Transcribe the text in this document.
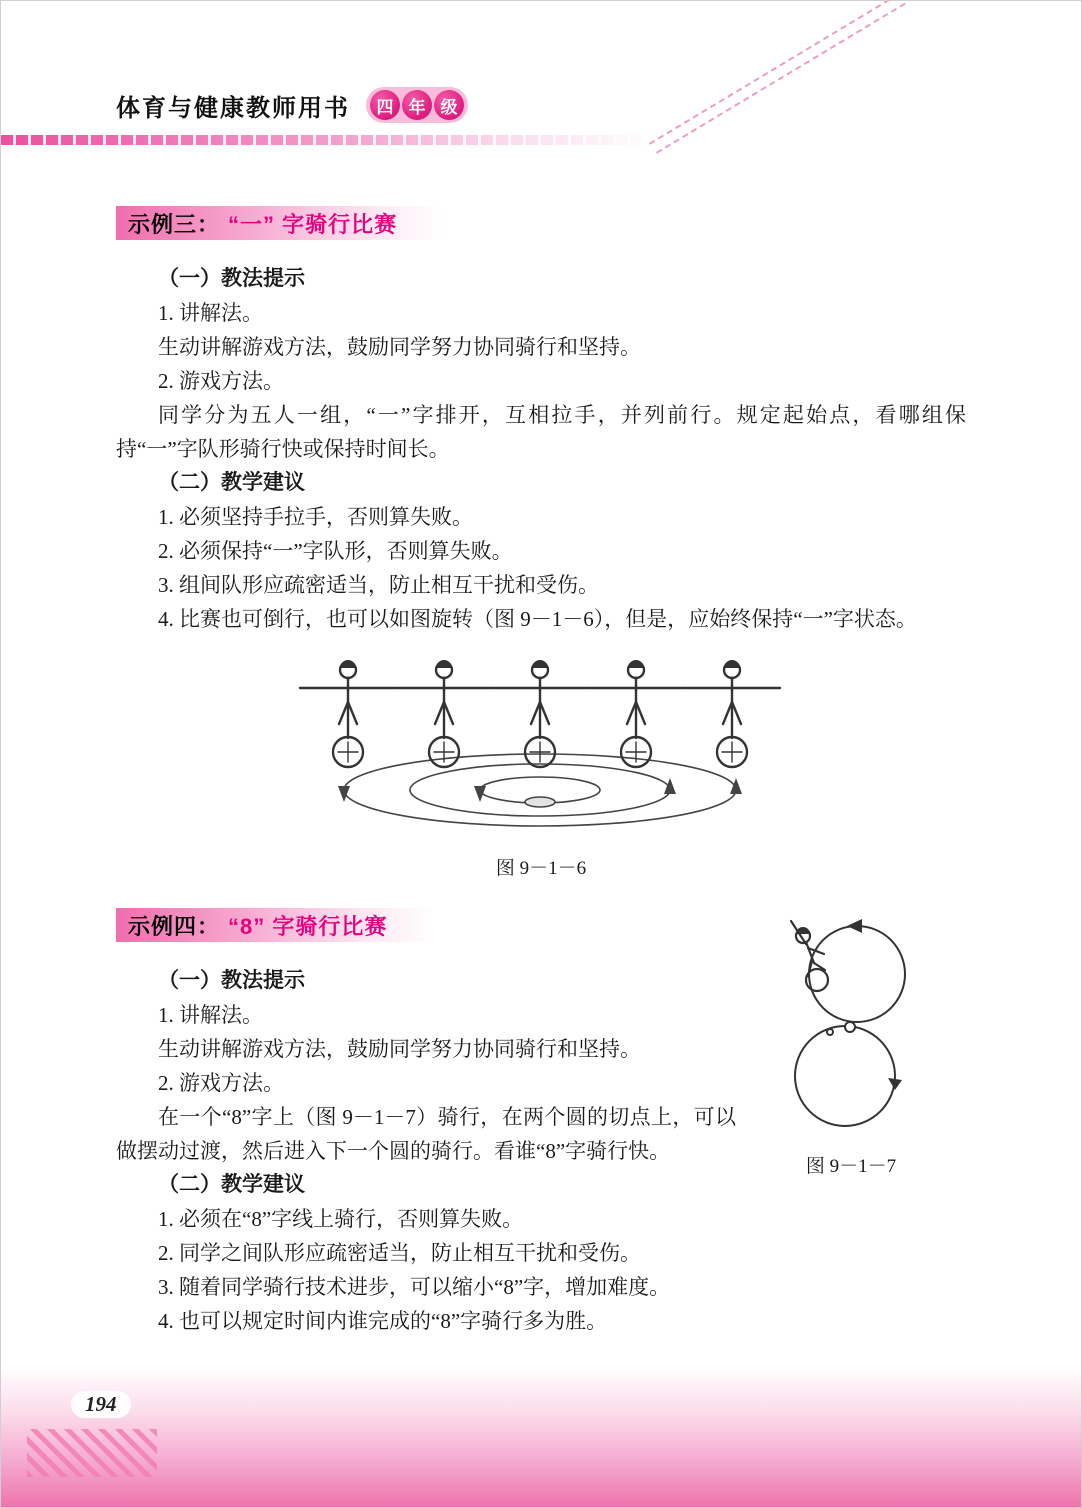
体育与健康教师用书	四 年 级
示例三： “一” 字骑行比赛

（一）教法提示

1. 讲解法。

生动讲解游戏方法，鼓励同学努力协同骑行和坚持。

2. 游戏方法。

同学分为五人一组，“一”字排开，互相拉手，并列前行。规定起始点，看哪组保持“一”字队形骑行快或保持时间长。

（二）教学建议

1. 必须坚持手拉手，否则算失败。

2. 必须保持“一”字队形，否则算失败。

3. 组间队形应疏密适当，防止相互干扰和受伤。

4. 比赛也可倒行，也可以如图旋转（图 9－1－6），但是，应始终保持“一”字状态。

图 9－1－6
图 9－1－7
示例四： “8” 字骑行比赛

（一）教法提示

1. 讲解法。

生动讲解游戏方法，鼓励同学努力协同骑行和坚持。

2. 游戏方法。

在一个“8”字上（图 9－1－7）骑行，在两个圆的切点上，可以做摆动过渡，然后进入下一个圆的骑行。看谁“8”字骑行快。

（二）教学建议

1. 必须在“8”字线上骑行，否则算失败。

2. 同学之间队形应疏密适当，防止相互干扰和受伤。

3. 随着同学骑行技术进步，可以缩小“8”字，增加难度。

4. 也可以规定时间内谁完成的“8”字骑行多为胜。

194
